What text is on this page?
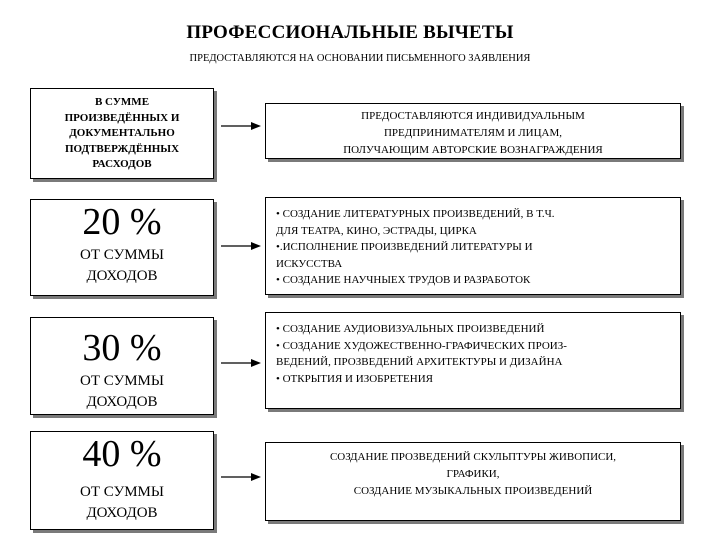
ПРОФЕССИОНАЛЬНЫЕ ВЫЧЕТЫ
ПРЕДОСТАВЛЯЮТСЯ НА ОСНОВАНИИ ПИСЬМЕННОГО ЗАЯВЛЕНИЯ
В СУММЕ
ПРОИЗВЕДЁННЫХ И
ДОКУМЕНТАЛЬНО
ПОДТВЕРЖДЁННЫХ
РАСХОДОВ
ПРЕДОСТАВЛЯЮТСЯ ИНДИВИДУАЛЬНЫМ
ПРЕДПРИНИМАТЕЛЯМ И ЛИЦАМ,
ПОЛУЧАЮЩИМ АВТОРСКИЕ ВОЗНАГРАЖДЕНИЯ
20 %
ОТ СУММЫ
ДОХОДОВ
• СОЗДАНИЕ ЛИТЕРАТУРНЫХ ПРОИЗВЕДЕНИЙ, В Т.Ч.
ДЛЯ ТЕАТРА, КИНО, ЭСТРАДЫ, ЦИРКА
•.ИСПОЛНЕНИЕ ПРОИЗВЕДЕНИЙ ЛИТЕРАТУРЫ И
ИСКУССТВА
• СОЗДАНИЕ НАУЧНЫЕХ ТРУДОВ И РАЗРАБОТОК
30 %
ОТ СУММЫ
ДОХОДОВ
• СОЗДАНИЕ АУДИОВИЗУАЛЬНЫХ ПРОИЗВЕДЕНИЙ
• СОЗДАНИЕ ХУДОЖЕСТВЕННО-ГРАФИЧЕСКИХ ПРОИЗ-
ВЕДЕНИЙ, ПРОЗВЕДЕНИЙ АРХИТЕКТУРЫ И ДИЗАЙНА
• ОТКРЫТИЯ И ИЗОБРЕТЕНИЯ
40 %
ОТ СУММЫ
ДОХОДОВ
СОЗДАНИЕ ПРОЗВЕДЕНИЙ СКУЛЬПТУРЫ ЖИВОПИСИ,
ГРАФИКИ,
СОЗДАНИЕ МУЗЫКАЛЬНЫХ ПРОИЗВЕДЕНИЙ
